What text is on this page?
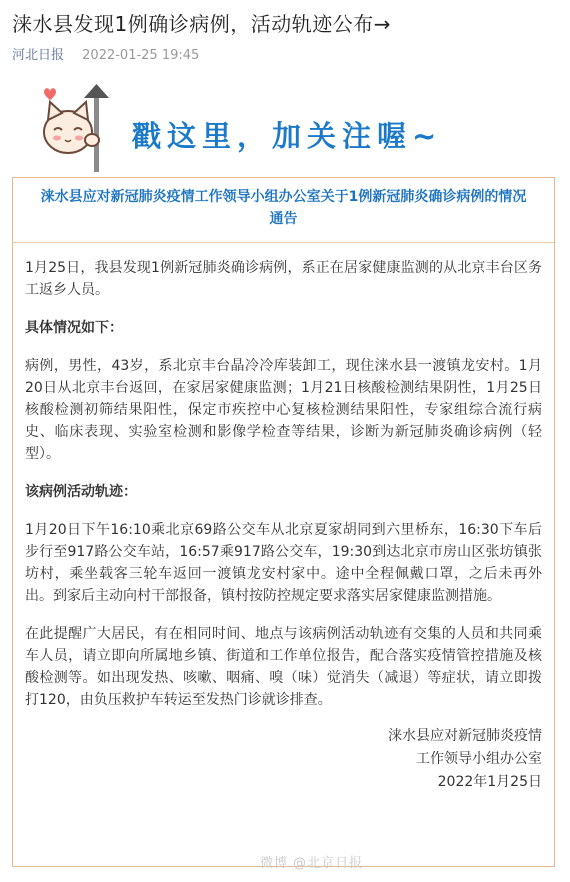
涞水县发现1例确诊病例，活动轨迹公布→
河北日报 2022-01-25 19:45
戳这里，加关注喔~
涞水县应对新冠肺炎疫情工作领导小组办公室关于1例新冠肺炎确诊病例的情况通告

1月25日，我县发现1例新冠肺炎确诊病例，系正在居家健康监测的从北京丰台区务工返乡人员。

具体情况如下：

病例，男性，43岁，系北京丰台晶冷冷库装卸工，现住涞水县一渡镇龙安村。1月20日从北京丰台返回，在家居家健康监测；1月21日核酸检测结果阴性，1月25日核酸检测初筛结果阳性，保定市疾控中心复核检测结果阳性，专家组综合流行病史、临床表现、实验室检测和影像学检查等结果，诊断为新冠肺炎确诊病例（轻型）。

该病例活动轨迹：

1月20日下午16:10乘北京69路公交车从北京夏家胡同到六里桥东，16:30下车后步行至917路公交车站，16:57乘917路公交车，19:30到达北京市房山区张坊镇张坊村，乘坐载客三轮车返回一渡镇龙安村家中。途中全程佩戴口罩，之后未再外出。到家后主动向村干部报备，镇村按防控规定要求落实居家健康监测措施。

在此提醒广大居民，有在相同时间、地点与该病例活动轨迹有交集的人员和共同乘车人员，请立即向所属地乡镇、街道和工作单位报告，配合落实疫情管控措施及核酸检测等。如出现发热、咳嗽、咽痛、嗅（味）觉消失（减退）等症状，请立即拨打120，由负压救护车转运至发热门诊就诊排查。

涞水县应对新冠肺炎疫情
工作领导小组办公室
2022年1月25日
微博 @北京日报
